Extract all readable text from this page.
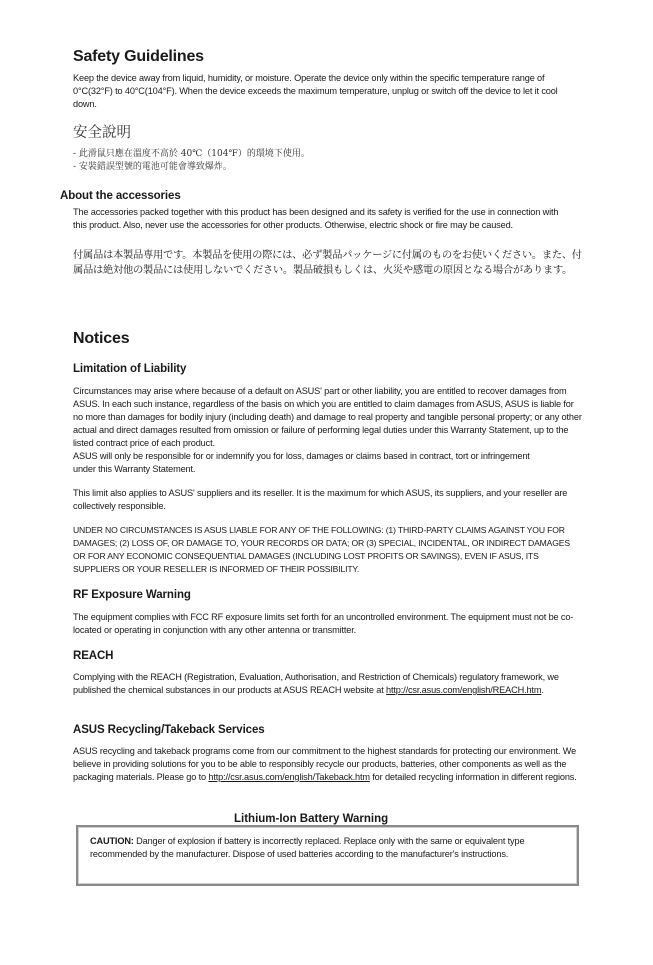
Safety Guidelines

Keep the device away from liquid, humidity, or moisture. Operate the device only within the specific temperature range of 0°C(32°F) to 40°C(104°F). When the device exceeds the maximum temperature, unplug or switch off the device to let it cool down.

安全說明
- 此滑鼠只應在溫度不高於 40℃（104℉）的環境下使用。
- 安裝錯誤型號的電池可能會導致爆炸。
About the accessories

The accessories packed together with this product has been designed and its safety is verified for the use in connection with this product. Also, never use the accessories for other products. Otherwise, electric shock or fire may be caused.

付属品は本製品専用です。本製品を使用の際には、必ず製品パッケージに付属のものをお使いください。また、付属品は絶対他の製品には使用しないでください。製品破損もしくは、火災や感電の原因となる場合があります。

Notices
Limitation of Liability

Circumstances may arise where because of a default on ASUS' part or other liability, you are entitled to recover damages from ASUS. In each such instance, regardless of the basis on which you are entitled to claim damages from ASUS, ASUS is liable for no more than damages for bodily injury (including death) and damage to real property and tangible personal property; or any other actual and direct damages resulted from omission or failure of performing legal duties under this Warranty Statement, up to the listed contract price of each product.

ASUS will only be responsible for or indemnify you for loss, damages or claims based in contract, tort or infringement under this Warranty Statement.

This limit also applies to ASUS' suppliers and its reseller. It is the maximum for which ASUS, its suppliers, and your reseller are collectively responsible.

UNDER NO CIRCUMSTANCES IS ASUS LIABLE FOR ANY OF THE FOLLOWING: (1) THIRD-PARTY CLAIMS AGAINST YOU FOR DAMAGES; (2) LOSS OF, OR DAMAGE TO, YOUR RECORDS OR DATA; OR (3) SPECIAL, INCIDENTAL, OR INDIRECT DAMAGES OR FOR ANY ECONOMIC CONSEQUENTIAL DAMAGES (INCLUDING LOST PROFITS OR SAVINGS), EVEN IF ASUS, ITS SUPPLIERS OR YOUR RESELLER IS INFORMED OF THEIR POSSIBILITY.

RF Exposure Warning

The equipment complies with FCC RF exposure limits set forth for an uncontrolled environment. The equipment must not be co-located or operating in conjunction with any other antenna or transmitter.

REACH

Complying with the REACH (Registration, Evaluation, Authorisation, and Restriction of Chemicals) regulatory framework, we published the chemical substances in our products at ASUS REACH website at http://csr.asus.com/english/REACH.htm.

ASUS Recycling/Takeback Services

ASUS recycling and takeback programs come from our commitment to the highest standards for protecting our environment. We believe in providing solutions for you to be able to responsibly recycle our products, batteries, other components as well as the packaging materials. Please go to http://csr.asus.com/english/Takeback.htm for detailed recycling information in different regions.

Lithium-Ion Battery Warning
CAUTION: Danger of explosion if battery is incorrectly replaced. Replace only with the same or equivalent type recommended by the manufacturer. Dispose of used batteries according to the manufacturer's instructions.
